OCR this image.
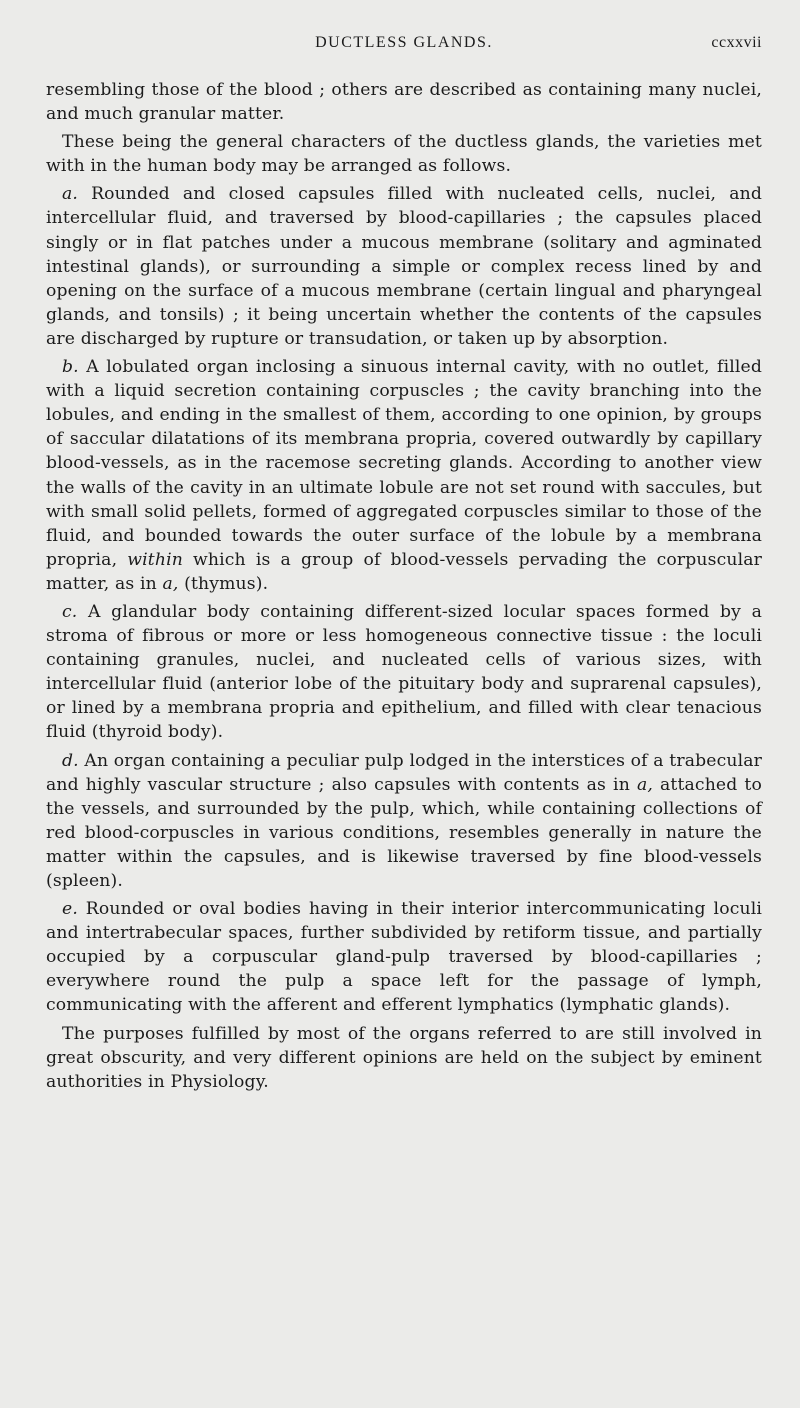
DUCTLESS GLANDS.	ccxxvii

resembling those of the blood ; others are described as containing many nuclei, and much granular matter.

These being the general characters of the ductless glands, the varieties met with in the human body may be arranged as follows.

a. Rounded and closed capsules filled with nucleated cells, nuclei, and intercellular fluid, and traversed by blood-capillaries ; the capsules placed singly or in flat patches under a mucous membrane (solitary and agminated intestinal glands), or surrounding a simple or complex recess lined by and opening on the surface of a mucous membrane (certain lingual and pharyngeal glands, and tonsils) ; it being uncertain whether the contents of the capsules are discharged by rupture or transudation, or taken up by absorption.

b. A lobulated organ inclosing a sinuous internal cavity, with no outlet, filled with a liquid secretion containing corpuscles ; the cavity branching into the lobules, and ending in the smallest of them, according to one opinion, by groups of saccular dilatations of its membrana propria, covered outwardly by capillary blood-vessels, as in the racemose secreting glands. According to another view the walls of the cavity in an ultimate lobule are not set round with saccules, but with small solid pellets, formed of aggregated corpuscles similar to those of the fluid, and bounded towards the outer surface of the lobule by a membrana propria, within which is a group of blood-vessels pervading the corpuscular matter, as in a, (thymus).

c. A glandular body containing different-sized locular spaces formed by a stroma of fibrous or more or less homogeneous connective tissue : the loculi containing granules, nuclei, and nucleated cells of various sizes, with intercellular fluid (anterior lobe of the pituitary body and suprarenal capsules), or lined by a membrana propria and epithelium, and filled with clear tenacious fluid (thyroid body).

d. An organ containing a peculiar pulp lodged in the interstices of a trabecular and highly vascular structure ; also capsules with contents as in a, attached to the vessels, and surrounded by the pulp, which, while containing collections of red blood-corpuscles in various conditions, resembles generally in nature the matter within the capsules, and is likewise traversed by fine blood-vessels (spleen).

e. Rounded or oval bodies having in their interior intercommunicating loculi and intertrabecular spaces, further subdivided by retiform tissue, and partially occupied by a corpuscular gland-pulp traversed by blood-capillaries ; everywhere round the pulp a space left for the passage of lymph, communicating with the afferent and efferent lymphatics (lymphatic glands).

The purposes fulfilled by most of the organs referred to are still involved in great obscurity, and very different opinions are held on the subject by eminent authorities in Physiology.
